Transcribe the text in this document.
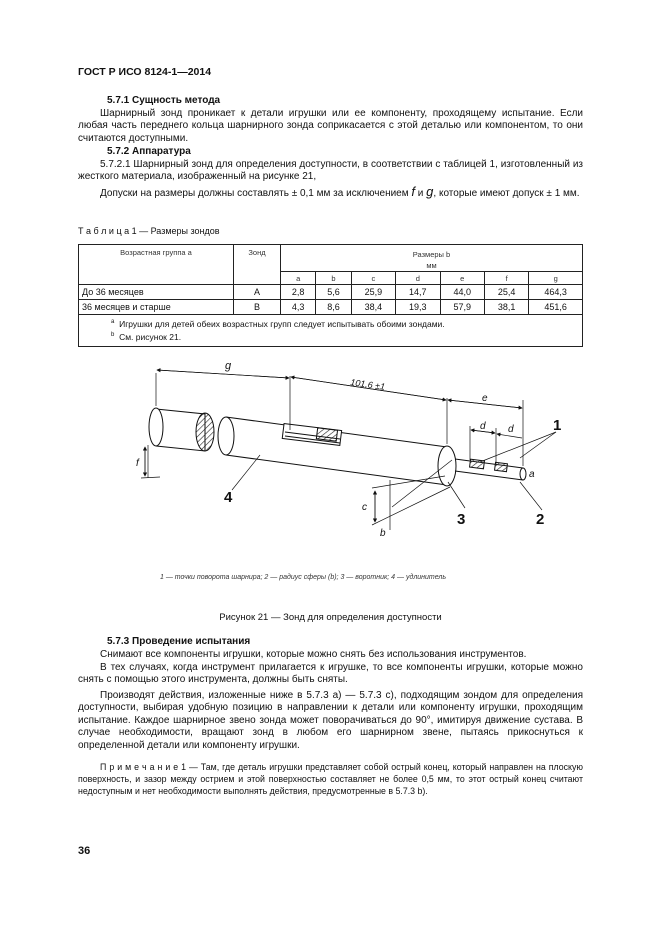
ГОСТ Р ИСО 8124-1—2014
5.7.1 Сущность метода
Шарнирный зонд проникает к детали игрушки или ее компоненту, проходящему испытание. Если любая часть переднего кольца шарнирного зонда соприкасается с этой деталью или компонентом, то они считаются доступными.
5.7.2 Аппаратура
5.7.2.1 Шарнирный зонд для определения доступности, в соответствии с таблицей 1, изготовленный из жесткого материала, изображенный на рисунке 21,
Допуски на размеры должны составлять ± 0,1 мм за исключением f и g, которые имеют допуск ± 1 мм.
Т а б л и ц а 1 — Размеры зондов
Возрастная группа a	Зонд	Размеры b
мм						
		a	b	c	d	e	f	g
До 36 месяцев	A	2,8	5,6	25,9	14,7	44,0	25,4	464,3
36 месяцев и старше	B	4,3	8,6	38,4	19,3	57,9	38,1	451,6

$^a$ Игрушки для детей обеих возрастных групп следует испытывать обоими зондами.
$^b$ См. рисунок 21.								
g
101,6 ±1
e
d d
f
c
b
a
1
2
3
4
1 — точки поворота шарнира; 2 — радиус сферы (b); 3 — воротник; 4 — удлинитель
Рисунок 21 — Зонд для определения доступности
5.7.3 Проведение испытания
Снимают все компоненты игрушки, которые можно снять без использования инструментов.
В тех случаях, когда инструмент прилагается к игрушке, то все компоненты игрушки, которые можно снять с помощью этого инструмента, должны быть сняты.
Производят действия, изложенные ниже в 5.7.3 a) — 5.7.3 c), подходящим зондом для определения доступности, выбирая удобную позицию в направлении к детали или компоненту игрушки, проходящим испытание. Каждое шарнирное звено зонда может поворачиваться до 90°, имитируя движение сустава. В случае необходимости, вращают зонд в любом его шарнирном звене, пытаясь прикоснуться к определенной детали или компоненту игрушки.
П р и м е ч а н и е 1 — Там, где деталь игрушки представляет собой острый конец, который направлен на плоскую поверхность, и зазор между острием и этой поверхностью составляет не более 0,5 мм, то этот острый конец считают недоступным и нет необходимости выполнять действия, предусмотренные в 5.7.3 b).
36
